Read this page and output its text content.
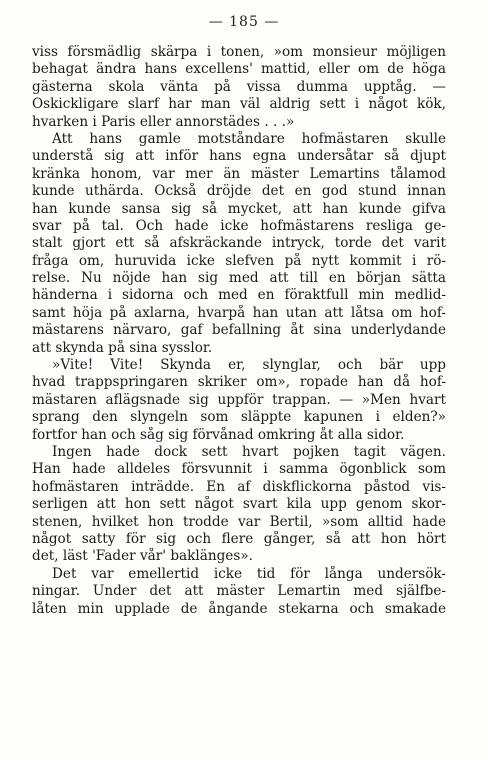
— 185 —
viss försmädlig skärpa i tonen, »om monsieur möjligen
behagat ändra hans excellens' mattid, eller om de höga
gästerna skola vänta på vissa dumma upptåg. —
Oskickligare slarf har man väl aldrig sett i något kök,
hvarken i Paris eller annorstädes . . .»
Att hans gamle motståndare hofmästaren skulle
understå sig att inför hans egna undersåtar så djupt
kränka honom, var mer än mäster Lemartins tålamod
kunde uthärda. Också dröjde det en god stund innan
han kunde sansa sig så mycket, att han kunde gifva
svar på tal. Och hade icke hofmästarens resliga ge-
stalt gjort ett så afskräckande intryck, torde det varit
fråga om, huruvida icke slefven på nytt kommit i rö-
relse. Nu nöjde han sig med att till en början sätta
händerna i sidorna och med en föraktfull min medlid-
samt höja på axlarna, hvarpå han utan att låtsa om hof-
mästarens närvaro, gaf befallning åt sina underlydande
att skynda på sina sysslor.
»Vite! Vite! Skynda er, slynglar, och bär upp
hvad trappspringaren skriker om», ropade han då hof-
mästaren aflägsnade sig uppför trappan. — »Men hvart
sprang den slyngeln som släppte kapunen i elden?»
fortfor han och såg sig förvånad omkring åt alla sidor.
Ingen hade dock sett hvart pojken tagit vägen.
Han hade alldeles försvunnit i samma ögonblick som
hofmästaren inträdde. En af diskflickorna påstod vis-
serligen att hon sett något svart kila upp genom skor-
stenen, hvilket hon trodde var Bertil, »som alltid hade
något satty för sig och flere gånger, så att hon hört
det, läst 'Fader vår' baklänges».
Det var emellertid icke tid för långa undersök-
ningar. Under det att mäster Lemartin med själfbe-
låten min upplade de ångande stekarna och smakade
